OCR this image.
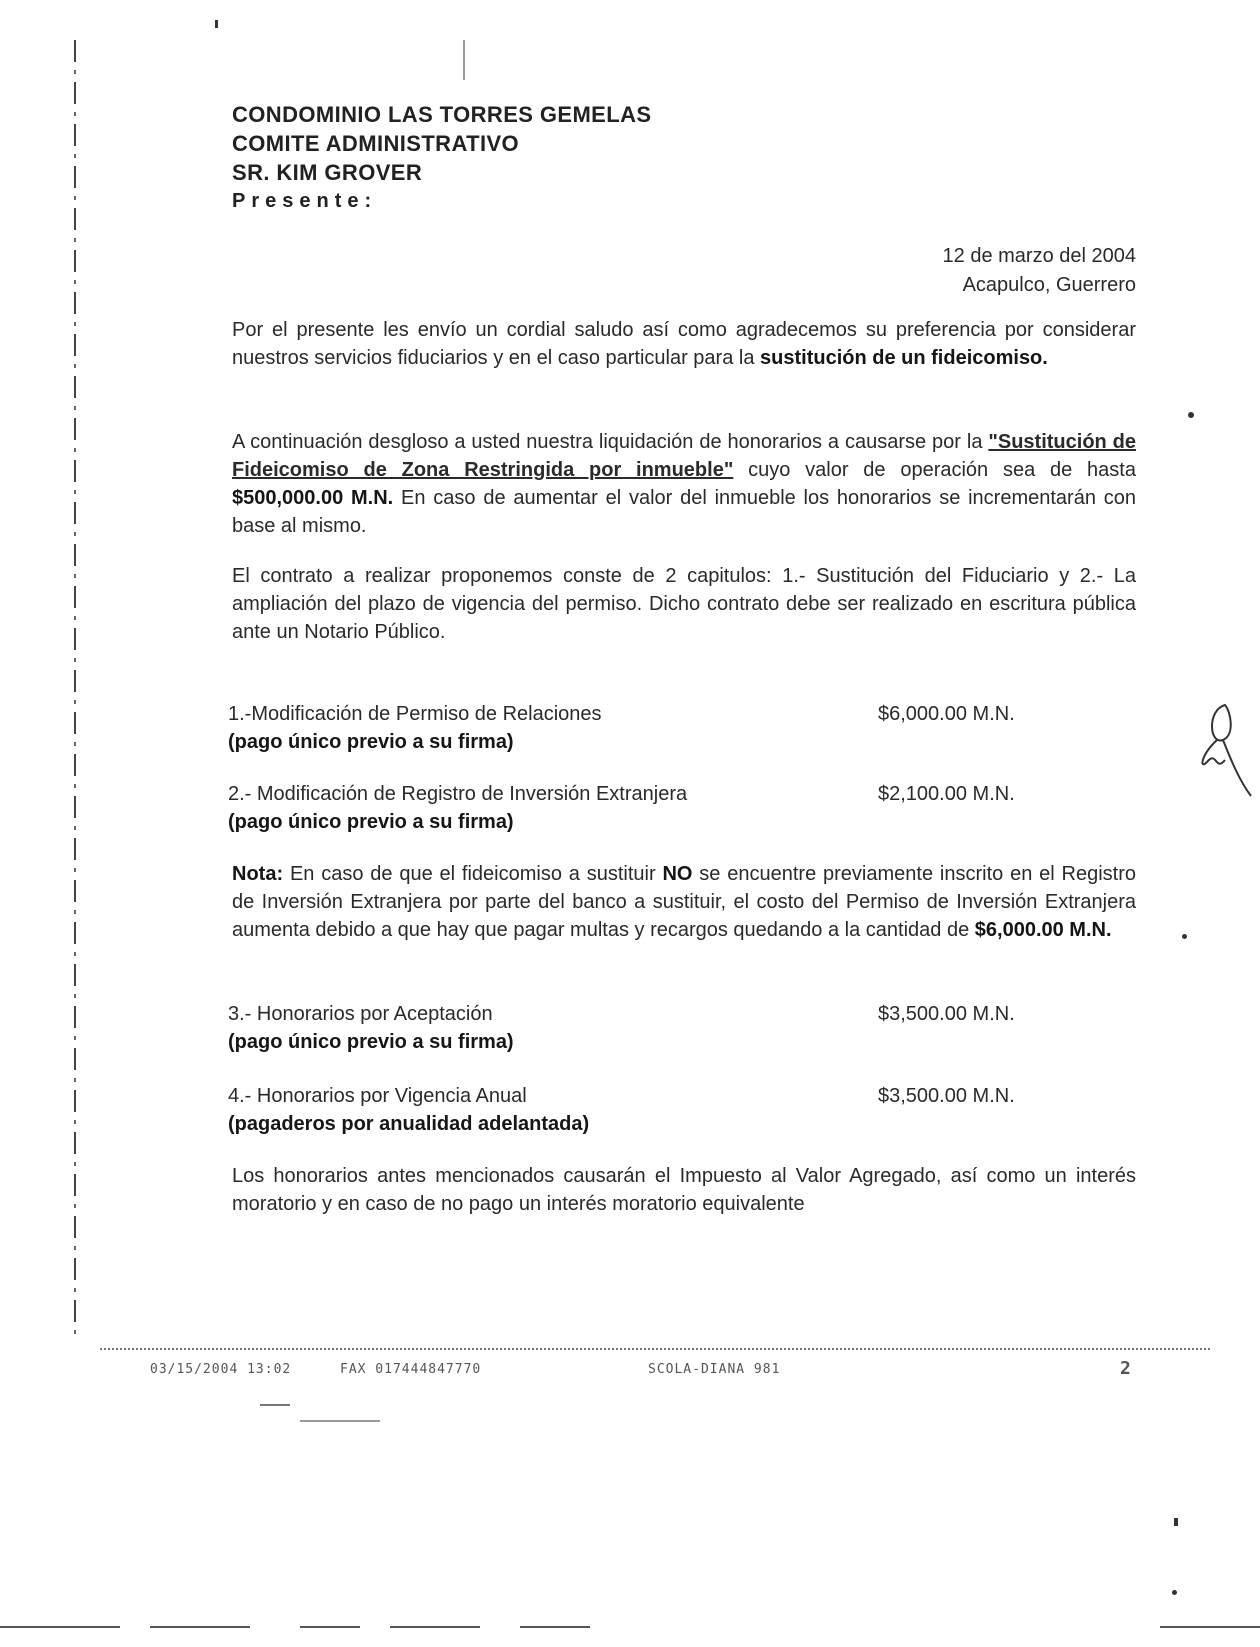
CONDOMINIO LAS TORRES GEMELAS
COMITE ADMINISTRATIVO
SR. KIM GROVER
Presente:
12 de marzo del 2004
Acapulco, Guerrero
Por el presente les envío un cordial saludo así como agradecemos su preferencia por considerar nuestros servicios fiduciarios y en el caso particular para la sustitución de un fideicomiso.
A continuación desgloso a usted nuestra liquidación de honorarios a causarse por la "Sustitución de Fideicomiso de Zona Restringida por inmueble" cuyo valor de operación sea de hasta $500,000.00 M.N. En caso de aumentar el valor del inmueble los honorarios se incrementarán con base al mismo.
El contrato a realizar proponemos conste de 2 capitulos: 1.- Sustitución del Fiduciario y 2.- La ampliación del plazo de vigencia del permiso. Dicho contrato debe ser realizado en escritura pública ante un Notario Público.
1.-Modificación de Permiso de Relaciones	$6,000.00 M.N.
(pago único previo a su firma)
2.- Modificación de Registro de Inversión Extranjera	$2,100.00 M.N.
(pago único previo a su firma)
Nota: En caso de que el fideicomiso a sustituir NO se encuentre previamente inscrito en el Registro de Inversión Extranjera por parte del banco a sustituir, el costo del Permiso de Inversión Extranjera aumenta debido a que hay que pagar multas y recargos quedando a la cantidad de $6,000.00 M.N.
3.- Honorarios por Aceptación	$3,500.00 M.N.
(pago único previo a su firma)
4.- Honorarios por Vigencia Anual	$3,500.00 M.N.
(pagaderos por anualidad adelantada)
Los honorarios antes mencionados causarán el Impuesto al Valor Agregado, así como un interés moratorio y en caso de no pago un interés moratorio equivalente
03/15/2004 13:02	FAX 017444847770	SCOLA-DIANA 981	2
